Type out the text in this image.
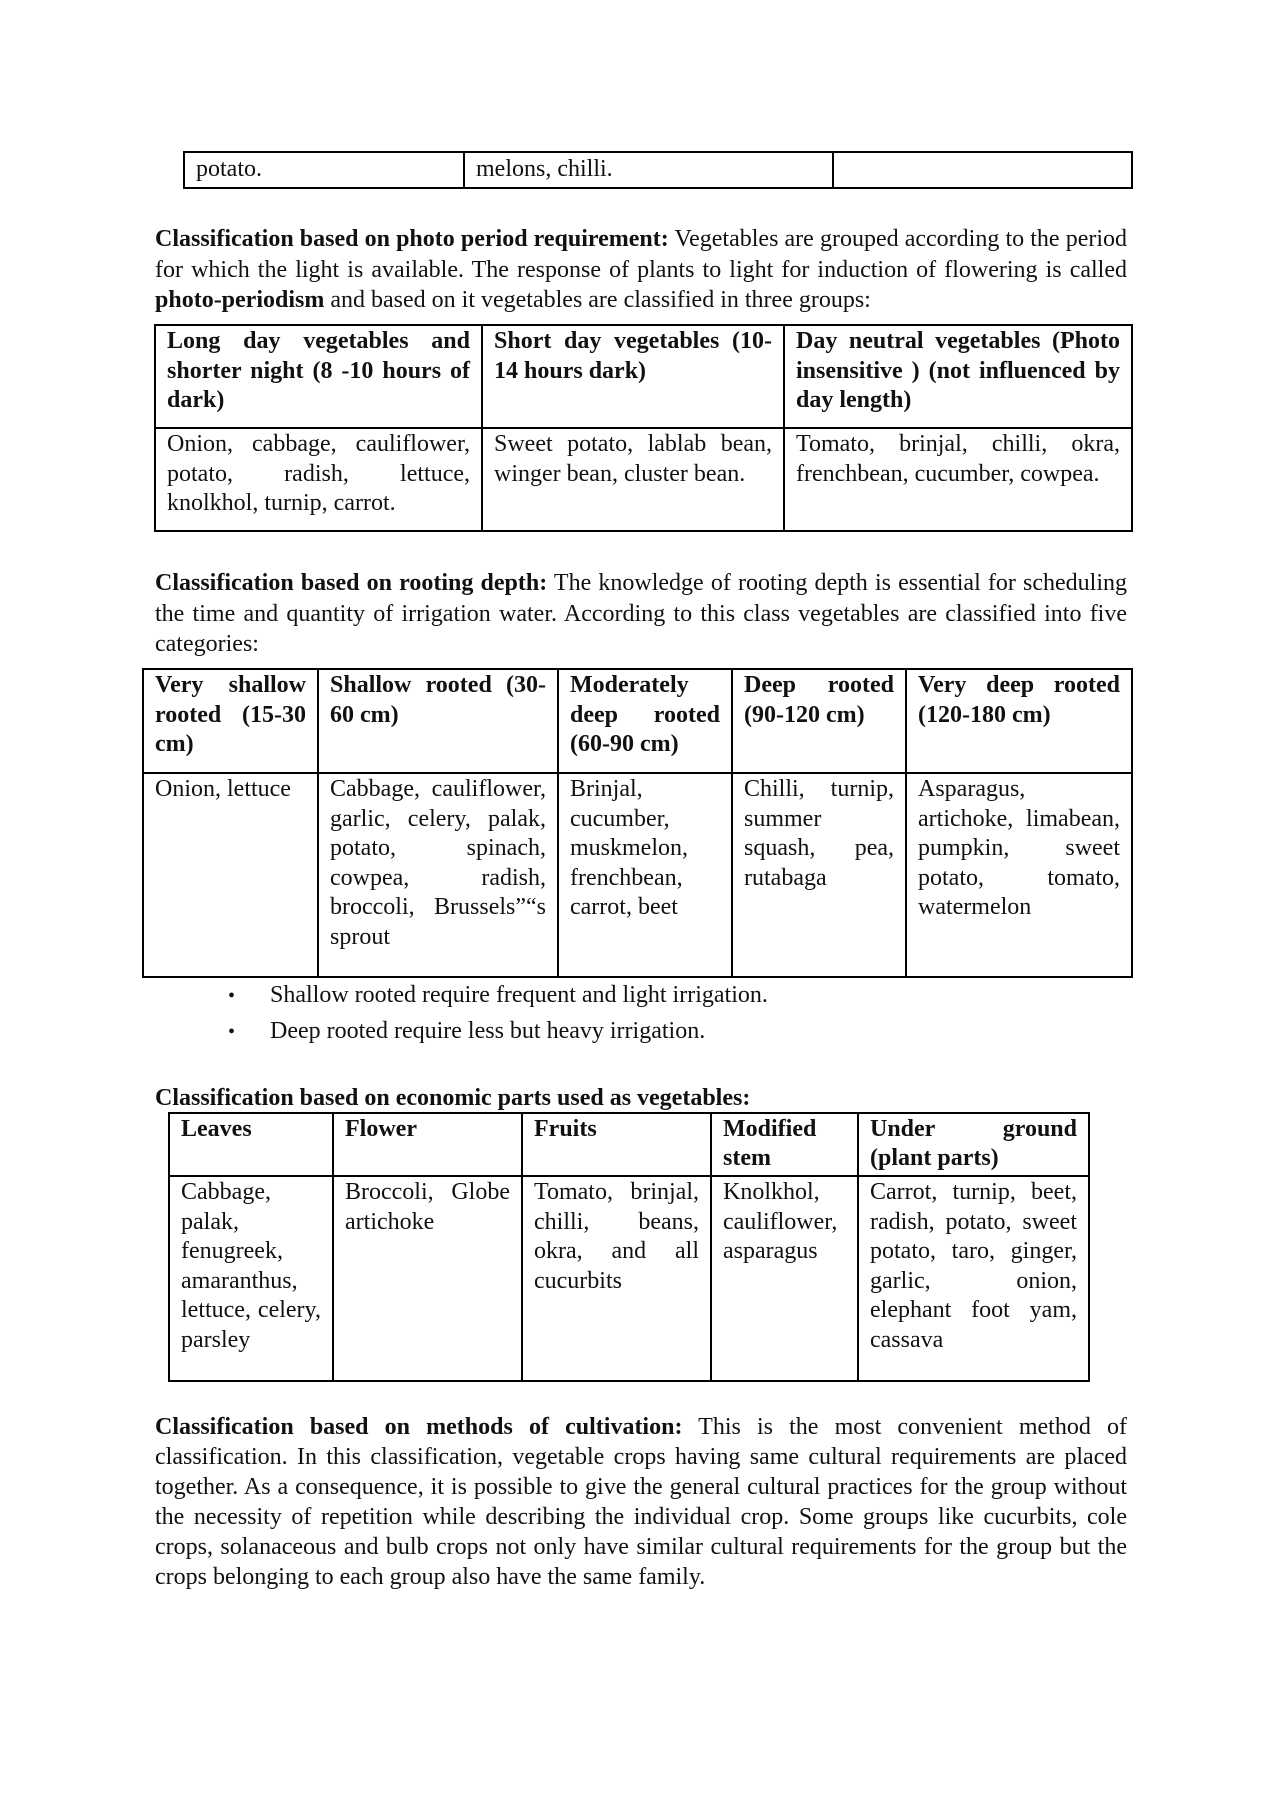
potato.	melons, chilli.	
Classification based on photo period requirement: Vegetables are grouped according to the period for which the light is available. The response of plants to light for induction of flowering is called photo-periodism and based on it vegetables are classified in three groups:
Long day vegetables and shorter night (8 -10 hours of dark)	Short day vegetables (10-14 hours dark)	Day neutral vegetables (Photo insensitive ) (not influenced by day length)
Onion, cabbage, cauliflower, potato, radish, lettuce, knolkhol, turnip, carrot.	Sweet potato, lablab bean, winger bean, cluster bean.	Tomato, brinjal, chilli, okra, frenchbean, cucumber, cowpea.
Classification based on rooting depth: The knowledge of rooting depth is essential for scheduling the time and quantity of irrigation water. According to this class vegetables are classified into five categories:
Very shallow rooted (15-30 cm)	Shallow rooted (30-60 cm)	Moderately deep rooted (60-90 cm)	Deep rooted (90-120 cm)	Very deep rooted (120-180 cm)
Onion, lettuce	Cabbage, cauliflower, garlic, celery, palak, potato, spinach, cowpea, radish, broccoli, Brussels”“s sprout	Brinjal, cucumber, muskmelon, frenchbean, carrot, beet	Chilli, turnip, summer squash, pea, rutabaga	Asparagus, artichoke, limabean, pumpkin, sweet potato, tomato, watermelon
•	Shallow rooted require frequent and light irrigation.
•	Deep rooted require less but heavy irrigation.
Classification based on economic parts used as vegetables:
Leaves	Flower	Fruits	Modified stem	Under ground (plant parts)
Cabbage, palak, fenugreek, amaranthus, lettuce, celery, parsley	Broccoli, Globe artichoke	Tomato, brinjal, chilli, beans, okra, and all cucurbits	Knolkhol, cauliflower, asparagus	Carrot, turnip, beet, radish, potato, sweet potato, taro, ginger, garlic, onion, elephant foot yam, cassava
Classification based on methods of cultivation: This is the most convenient method of classification. In this classification, vegetable crops having same cultural requirements are placed together. As a consequence, it is possible to give the general cultural practices for the group without the necessity of repetition while describing the individual crop. Some groups like cucurbits, cole crops, solanaceous and bulb crops not only have similar cultural requirements for the group but the crops belonging to each group also have the same family.
